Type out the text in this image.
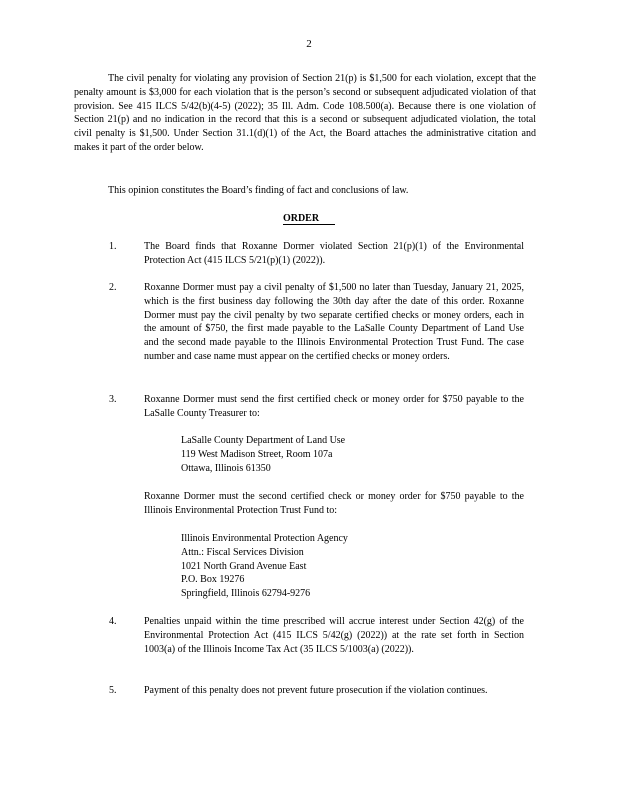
2

The civil penalty for violating any provision of Section 21(p) is $1,500 for each violation, except that the penalty amount is $3,000 for each violation that is the person’s second or subsequent adjudicated violation of that provision. See 415 ILCS 5/42(b)(4-5) (2022); 35 Ill. Adm. Code 108.500(a). Because there is one violation of Section 21(p) and no indication in the record that this is a second or subsequent adjudicated violation, the total civil penalty is $1,500. Under Section 31.1(d)(1) of the Act, the Board attaches the administrative citation and makes it part of the order below.

This opinion constitutes the Board’s finding of fact and conclusions of law.

ORDER
1.	The Board finds that Roxanne Dormer violated Section 21(p)(1) of the Environmental Protection Act (415 ILCS 5/21(p)(1) (2022)).

2.	Roxanne Dormer must pay a civil penalty of $1,500 no later than Tuesday, January 21, 2025, which is the first business day following the 30th day after the date of this order. Roxanne Dormer must pay the civil penalty by two separate certified checks or money orders, each in the amount of $750, the first made payable to the LaSalle County Department of Land Use and the second made payable to the Illinois Environmental Protection Trust Fund. The case number and case name must appear on the certified checks or money orders.

3.	Roxanne Dormer must send the first certified check or money order for $750 payable to the LaSalle County Treasurer to:

LaSalle County Department of Land Use
119 West Madison Street, Room 107a
Ottawa, Illinois 61350

Roxanne Dormer must the second certified check or money order for $750 payable to the Illinois Environmental Protection Trust Fund to:

Illinois Environmental Protection Agency
Attn.: Fiscal Services Division
1021 North Grand Avenue East
P.O. Box 19276
Springfield, Illinois 62794-9276
4.	Penalties unpaid within the time prescribed will accrue interest under Section 42(g) of the Environmental Protection Act (415 ILCS 5/42(g) (2022)) at the rate set forth in Section 1003(a) of the Illinois Income Tax Act (35 ILCS 5/1003(a) (2022)).

5.	Payment of this penalty does not prevent future prosecution if the violation continues.
